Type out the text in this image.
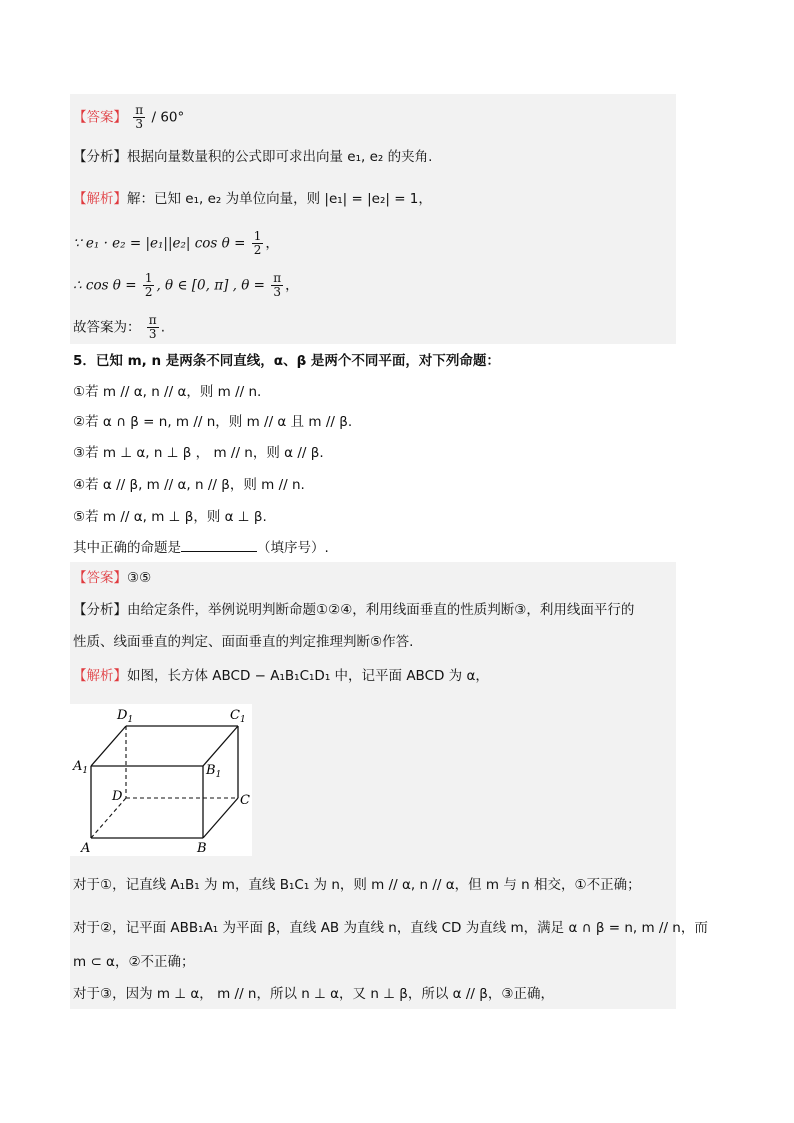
【答案】 $\frac{\pi}{3} / 60^\circ$
【分析】根据向量数量积的公式即可求出向量 e₁, e₂ 的夹角.
【解析】解：已知 e₁, e₂ 为单位向量，则 |e₁| = |e₂| = 1，
∵ e₁ · e₂ = |e₁||e₂| $\cos \theta = \frac{1}{2}$ ，
∴ $\cos \theta = \frac{1}{2}$ , θ ∈ [0, π] , $\theta = \frac{\pi}{3}$ ，
故答案为： $\frac{\pi}{3}$ .
5．已知 m, n 是两条不同直线，α、β 是两个不同平面，对下列命题：
①若 m // α, n // α，则 m // n.
②若 α ∩ β = n, m // n，则 m // α 且 m // β.
③若 m ⊥ α, n ⊥ β ， m // n，则 α // β.
④若 α // β, m // α, n // β，则 m // n.
⑤若 m // α, m ⊥ β，则 α ⊥ β.
其中正确的命题是	（填序号）.
【答案】③⑤
【分析】由给定条件，举例说明判断命题①②④，利用线面垂直的性质判断③，利用线面平行的
性质、线面垂直的判定、面面垂直的判定推理判断⑤作答.
【解析】如图，长方体 ABCD − A₁B₁C₁D₁ 中，记平面 ABCD 为 α，
$D_1$	$C_1$
$A_1$	$B_1$
D	C
A	B
对于①，记直线 A₁B₁ 为 m，直线 B₁C₁ 为 n，则 m // α, n // α，但 m 与 n 相交，①不正确；
对于②，记平面 ABB₁A₁ 为平面 β，直线 AB 为直线 n，直线 CD 为直线 m，满足 α ∩ β = n, m // n，而
m ⊂ α，②不正确；
对于③，因为 m ⊥ α， m // n，所以 n ⊥ α，又 n ⊥ β，所以 α // β，③正确，
